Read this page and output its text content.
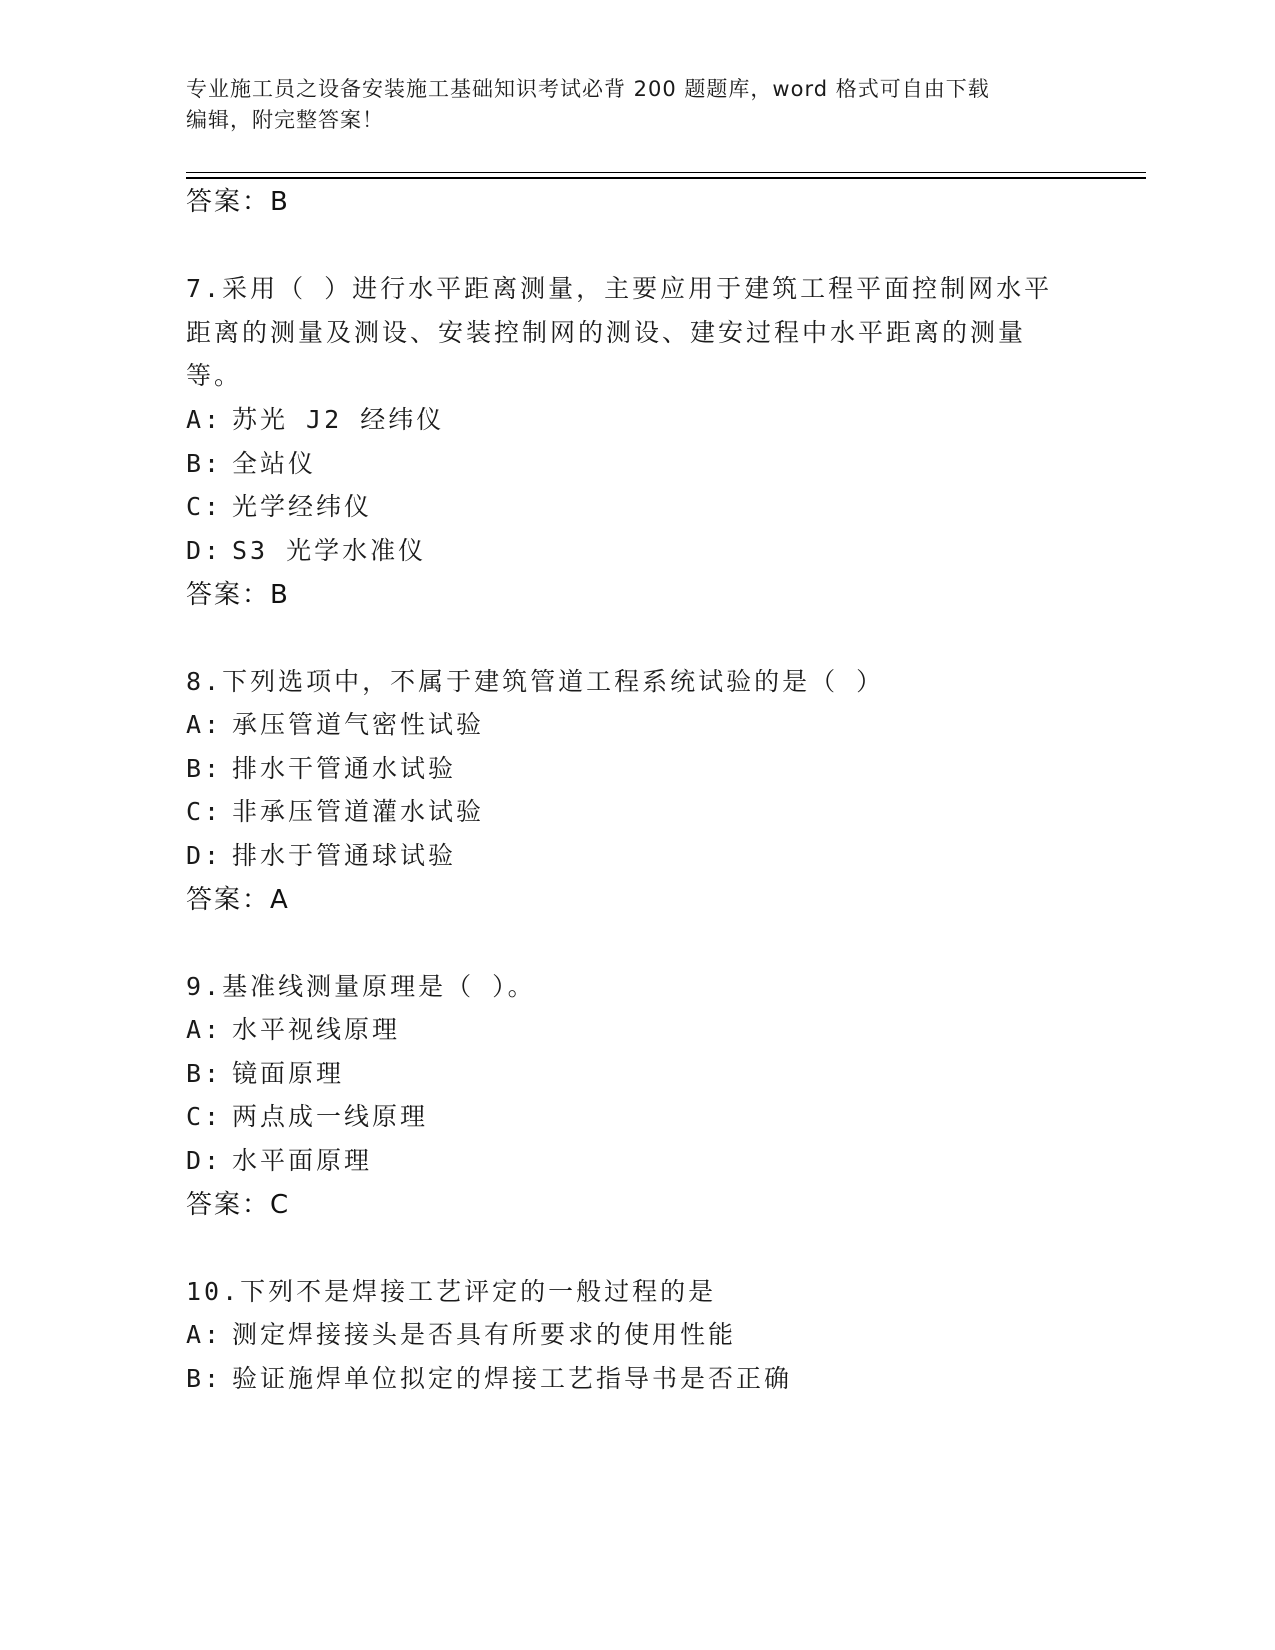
专业施工员之设备安装施工基础知识考试必背 200 题题库，word 格式可自由下载
编辑，附完整答案！
答案：B
7.采用（ ）进行水平距离测量，主要应用于建筑工程平面控制网水平
距离的测量及测设、安装控制网的测设、建安过程中水平距离的测量
等。
A: 苏光 J2 经纬仪
B: 全站仪
C: 光学经纬仪
D: S3 光学水准仪
答案：B
8.下列选项中，不属于建筑管道工程系统试验的是（ ）
A: 承压管道气密性试验
B: 排水干管通水试验
C: 非承压管道灌水试验
D: 排水于管通球试验
答案：A
9.基准线测量原理是（ ）。
A: 水平视线原理
B: 镜面原理
C: 两点成一线原理
D: 水平面原理
答案：C
10.下列不是焊接工艺评定的一般过程的是
A: 测定焊接接头是否具有所要求的使用性能
B: 验证施焊单位拟定的焊接工艺指导书是否正确
